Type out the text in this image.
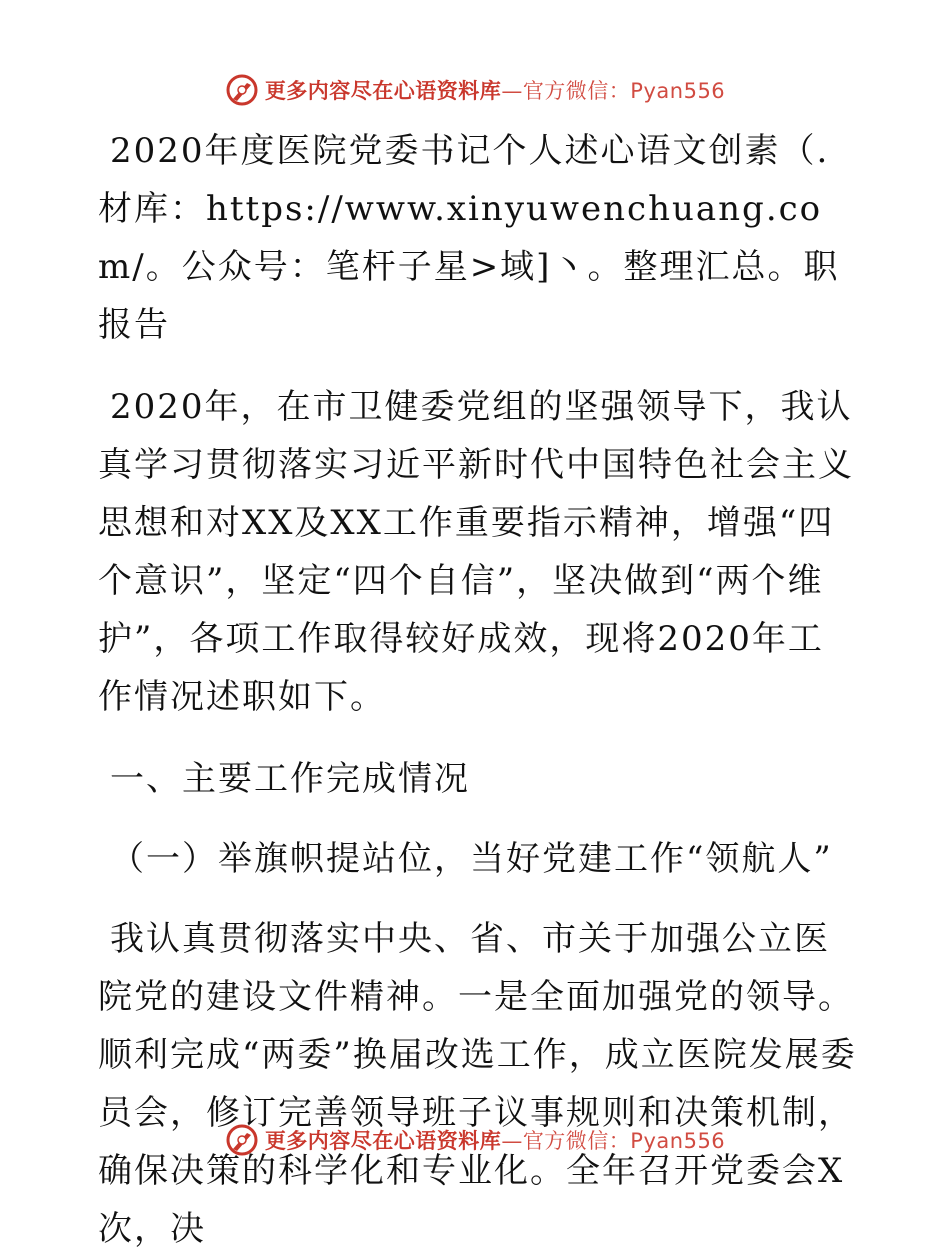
更多内容尽在心语资料库—官方微信：Pyan556

2020年度医院党委书记个人述心语文创素（.材库：https://www.xinyuwenchuang.com/。公众号：笔杆子星>域]丶。整理汇总。职报告

2020年，在市卫健委党组的坚强领导下，我认真学习贯彻落实习近平新时代中国特色社会主义思想和对XX及XX工作重要指示精神，增强“四个意识”，坚定“四个自信”，坚决做到“两个维护”，各项工作取得较好成效，现将2020年工作情况述职如下。

一、主要工作完成情况

（一）举旗帜提站位，当好党建工作“领航人”

我认真贯彻落实中央、省、市关于加强公立医院党的建设文件精神。一是全面加强党的领导。顺利完成“两委”换届改选工作，成立医院发展委员会，修订完善领导班子议事规则和决策机制，确保决策的科学化和专业化。全年召开党委会X次，决

更多内容尽在心语资料库—官方微信：Pyan556
